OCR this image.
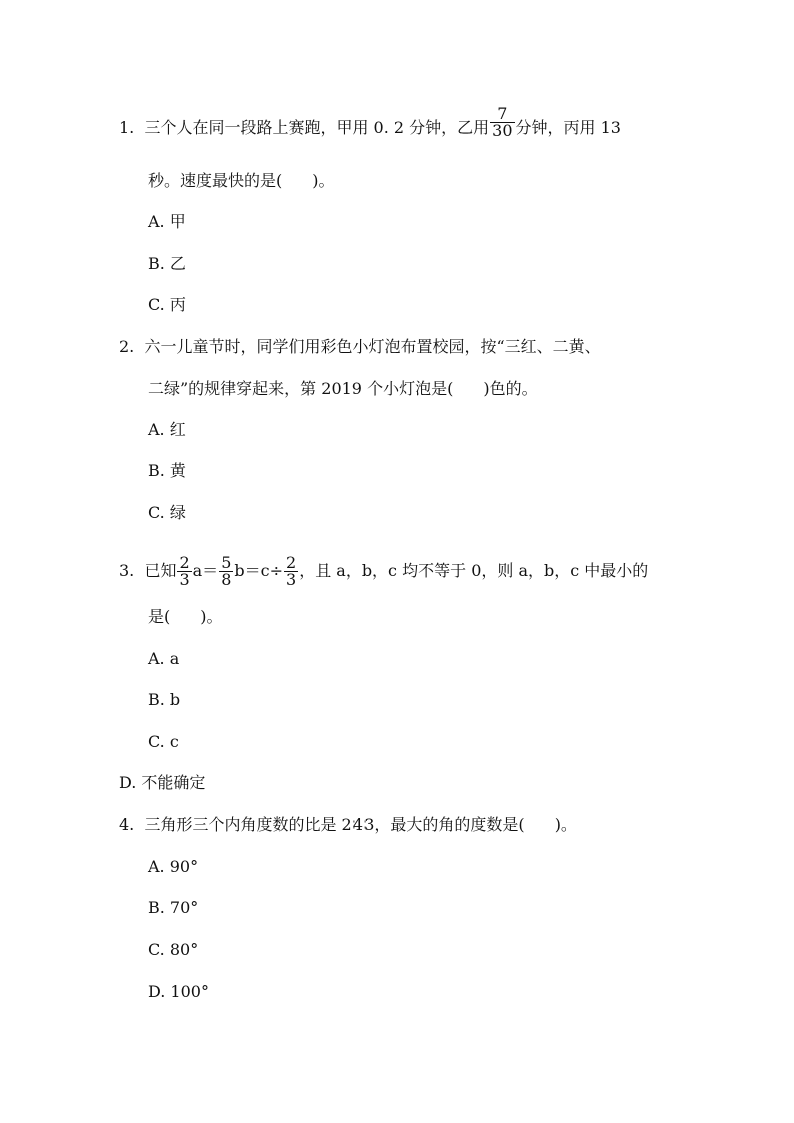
1. 三个人在同一段路上赛跑，甲用 0. 2 分钟，乙用 $\frac{7}{30}$ 分钟，丙用 13
秒。速度最快的是( )。
A. 甲
B. 乙
C. 丙
2. 六一儿童节时，同学们用彩色小灯泡布置校园，按“三红、二黄、
二绿”的规律穿起来，第 2019 个小灯泡是( )色的。
A. 红
B. 黄
C. 绿
3. 已知 $\frac{2}{3} a= \frac{5}{8} b=c\div \frac{2}{3}$ ，且 a，b，c 均不等于 0，则 a，b，c 中最小的
是( )。
A. a
B. b
C. c
D. 不能确定
4. 三角形三个内角度数的比是 2∶4∶3，最大的角的度数是( )。
A. 90°
B. 70°
C. 80°
D. 100°
